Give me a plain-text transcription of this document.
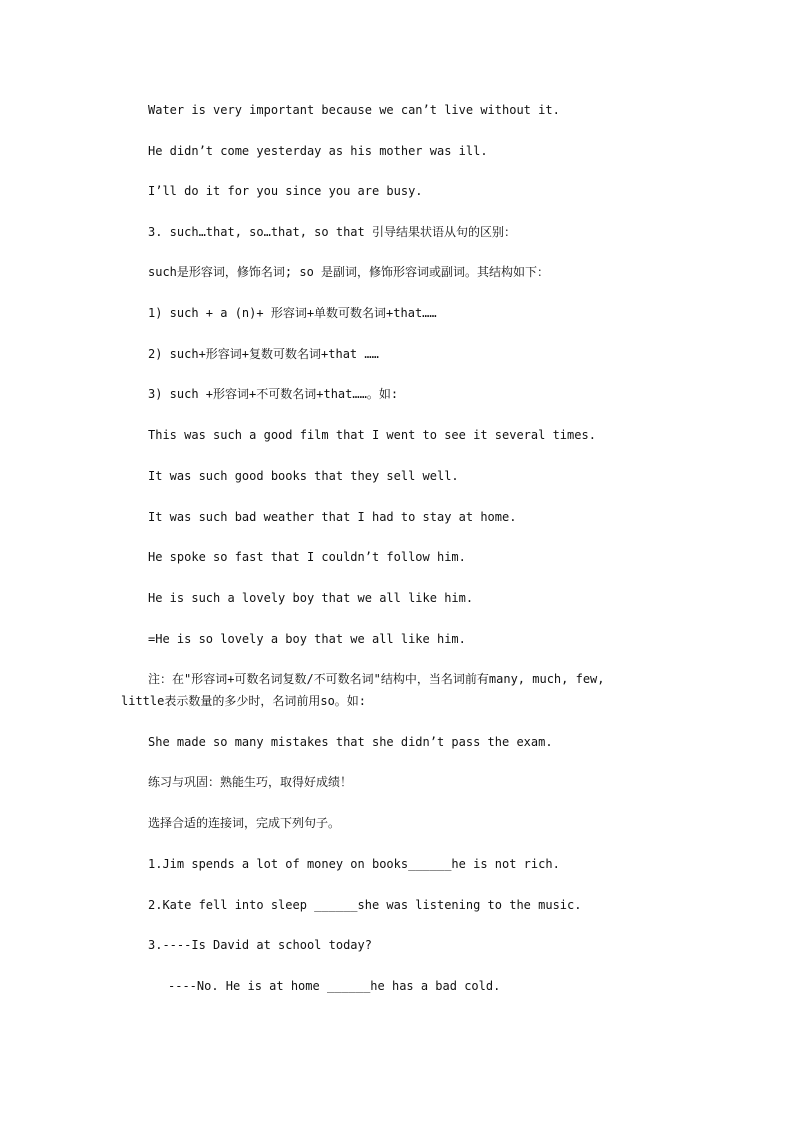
Water is very important because we can’t live without it.
He didn’t come yesterday as his mother was ill.
I’ll do it for you since you are busy.
3. such…that, so…that, so that 引导结果状语从句的区别：
such是形容词，修饰名词; so 是副词，修饰形容词或副词。其结构如下：
1) such + a (n)+ 形容词+单数可数名词+that……
2) such+形容词+复数可数名词+that ……
3) such +形容词+不可数名词+that……。如:
This was such a good film that I went to see it several times.
It was such good books that they sell well.
It was such bad weather that I had to stay at home.
He spoke so fast that I couldn’t follow him.
He is such a lovely boy that we all like him.
=He is so lovely a boy that we all like him.
注：在"形容词+可数名词复数/不可数名词"结构中，当名词前有many, much, few,
little表示数量的多少时，名词前用so。如:
She made so many mistakes that she didn’t pass the exam.
练习与巩固：熟能生巧，取得好成绩！
选择合适的连接词，完成下列句子。
1.Jim spends a lot of money on books______he is not rich.
2.Kate fell into sleep ______she was listening to the music.
3.----Is David at school today?
----No. He is at home ______he has a bad cold.
